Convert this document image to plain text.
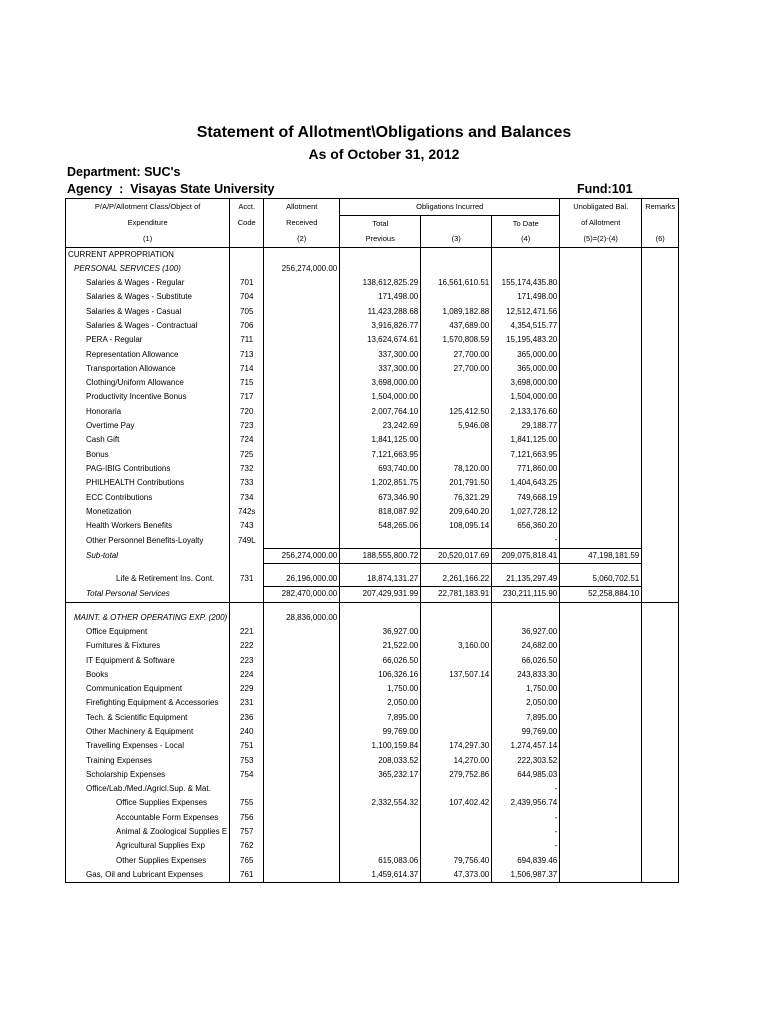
Statement of Allotment\Obligations and Balances
As of October 31, 2012
Department: SUC's
Agency  :  Visayas State University	Fund:101
P/A/P/Allotment Class/Object of	Acct.	Allotment	Obligations Incurred			Unobligated Bal.	Remarks
Expenditure	Code	Received	Total		To Date	of Allotment	
(1)		(2)	Previous	(3)	(4)	(5)=(2)-(4)	(6)
CURRENT APPROPRIATION							
PERSONAL SERVICES (100)		256,274,000.00					
Salaries & Wages - Regular	701		138,612,825.29	16,561,610.51	155,174,435.80		
Salaries & Wages - Substitute	704		171,498.00		171,498.00		
Salaries & Wages - Casual	705		11,423,288.68	1,089,182.88	12,512,471.56		
Salaries & Wages - Contractual	706		3,916,826.77	437,689.00	4,354,515.77		
PERA - Regular	711		13,624,674.61	1,570,808.59	15,195,483.20		
Representation Allowance	713		337,300.00	27,700.00	365,000.00		
Transportation Allowance	714		337,300.00	27,700.00	365,000.00		
Clothing/Uniform Allowance	715		3,698,000.00		3,698,000.00		
Productivity Incentive Bonus	717		1,504,000.00		1,504,000.00		
Honoraria	720		2,007,764.10	125,412.50	2,133,176.60		
Overtime Pay	723		23,242.69	5,946.08	29,188.77		
Cash Gift	724		1,841,125.00		1,841,125.00		
Bonus	725		7,121,663.95		7,121,663.95		
PAG-IBIG Contributions	732		693,740.00	78,120.00	771,860.00		
PHILHEALTH Contributions	733		1,202,851.75	201,791.50	1,404,643.25		
ECC Contributions	734		673,346.90	76,321.29	749,668.19		
Monetization	742s		818,087.92	209,640.20	1,027,728.12		
Health Workers Benefits	743		548,265.06	108,095.14	656,360.20		
Other Personnel Benefits-Loyalty	749L				-		
Sub-total		256,274,000.00	188,555,800.72	20,520,017.69	209,075,818.41	47,198,181.59	

Life & Retirement Ins. Cont.	731	26,196,000.00	18,874,131.27	2,261,166.22	21,135,297.49	5,060,702.51	
Total Personal Services		282,470,000.00	207,429,931.99	22,781,183.91	230,211,115.90	52,258,884.10	

MAINT. & OTHER OPERATING EXP. (200)		28,836,000.00					
Office Equipment	221		36,927.00		36,927.00		
Furnitures & Fixtures	222		21,522.00	3,160.00	24,682.00		
IT Equipment & Software	223		66,026.50		66,026.50		
Books	224		106,326.16	137,507.14	243,833.30		
Communication Equipment	229		1,750.00		1,750.00		
Firefighting Equipment & Accessories	231		2,050.00		2,050.00		
Tech. & Scientific Equipment	236		7,895.00		7,895.00		
Other Machinery & Equipment	240		99,769.00		99,769.00		
Travelling Expenses - Local	751		1,100,159.84	174,297.30	1,274,457.14		
Training Expenses	753		208,033.52	14,270.00	222,303.52		
Scholarship Expenses	754		365,232.17	279,752.86	644,985.03		
Office/Lab./Med./Agricl.Sup. & Mat.					-		
Office Supplies Expenses	755		2,332,554.32	107,402.42	2,439,956.74		
Accountable Form Expenses	756				-		
Animal & Zoological Supplies E	757				-		
Agricultural Supplies Exp	762				-		
Other Supplies Expenses	765		615,083.06	79,756.40	694,839.46		
Gas, Oil and Lubricant Expenses	761		1,459,614.37	47,373.00	1,506,987.37		
